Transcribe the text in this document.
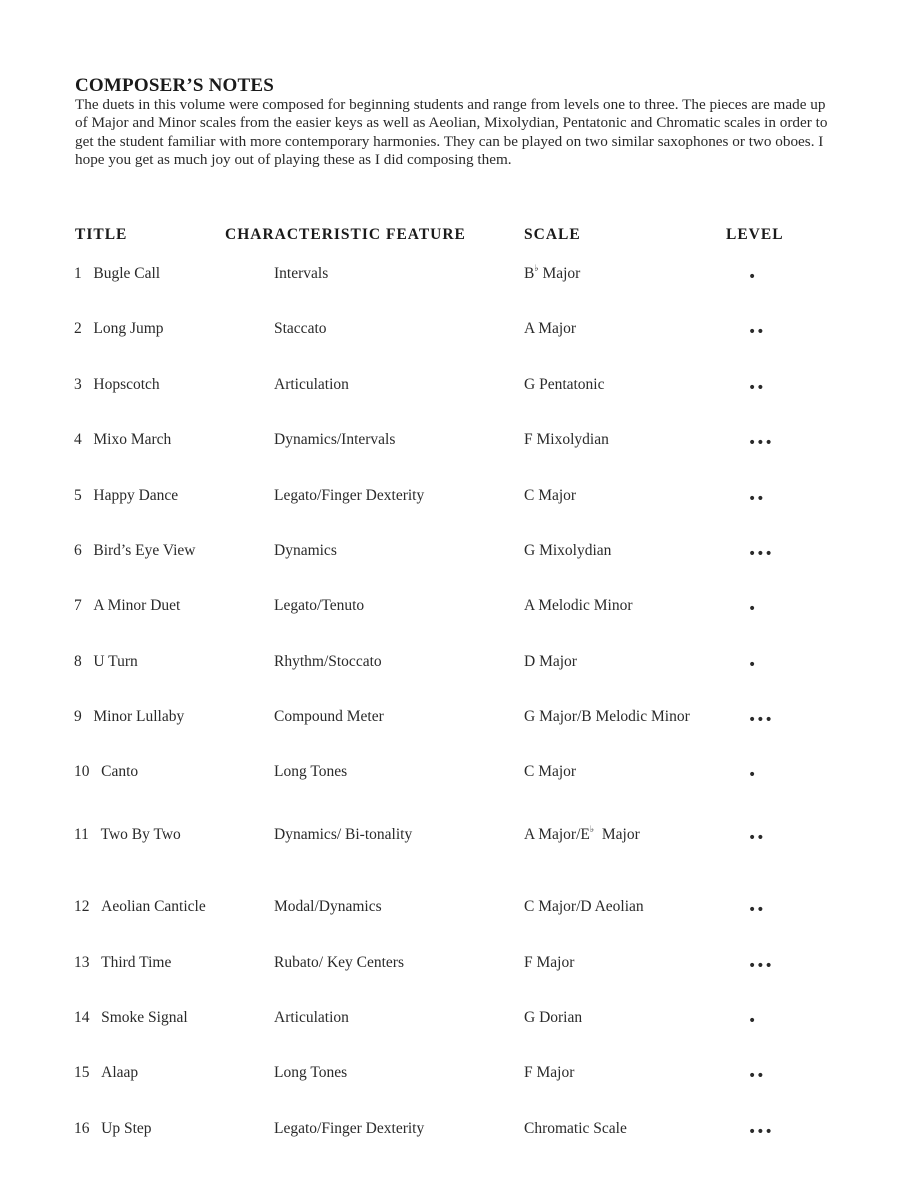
COMPOSER’S NOTES
The duets in this volume were composed for beginning students and range from levels one to three. The pieces are made up of Major and Minor scales from the easier keys as well as Aeolian, Mixolydian, Pentatonic and Chromatic scales in order to get the student familiar with more contemporary harmonies. They can be played on two similar saxophones or two oboes. I hope you get as much joy out of playing these as I did composing them.
TITLE	CHARACTERISTIC FEATURE	SCALE	LEVEL
1 Bugle Call	Intervals	B♭ Major	•
2 Long Jump	Staccato	A Major	••
3 Hopscotch	Articulation	G Pentatonic	••
4 Mixo March	Dynamics/Intervals	F Mixolydian	•••
5 Happy Dance	Legato/Finger Dexterity	C Major	••
6 Bird’s Eye View	Dynamics	G Mixolydian	•••
7 A Minor Duet	Legato/Tenuto	A Melodic Minor	•
8 U Turn	Rhythm/Stoccato	D Major	•
9 Minor Lullaby	Compound Meter	G Major/B Melodic Minor	•••
10 Canto	Long Tones	C Major	•
11 Two By Two	Dynamics/ Bi-tonality	A Major/E♭  Major	••
12 Aeolian Canticle	Modal/Dynamics	C Major/D Aeolian	••
13 Third Time	Rubato/ Key Centers	F Major	•••
14 Smoke Signal	Articulation	G Dorian	•
15 Alaap	Long Tones	F Major	••
16 Up Step	Legato/Finger Dexterity	Chromatic Scale	•••
